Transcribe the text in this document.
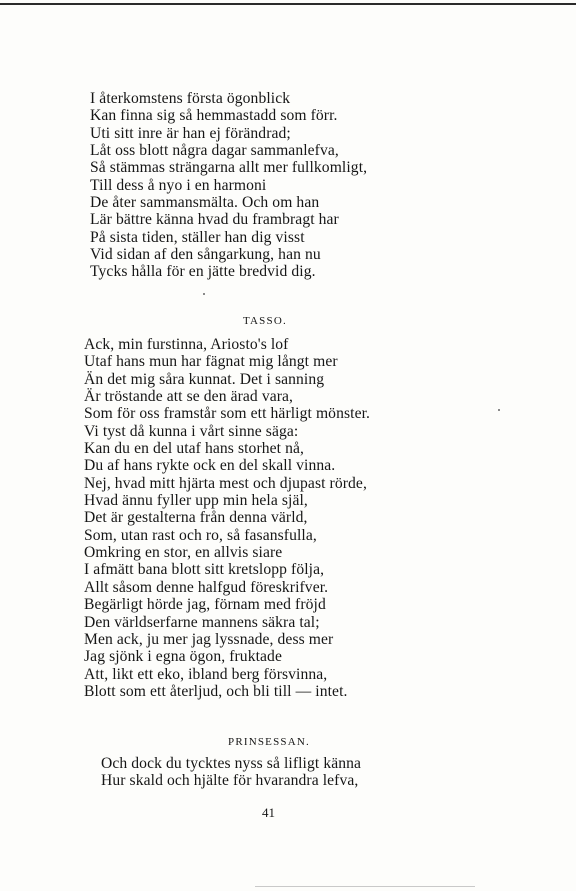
I återkomstens första ögonblick
Kan finna sig så hemmastadd som förr.
Uti sitt inre är han ej förändrad;
Låt oss blott några dagar sammanlefva,
Så stämmas strängarna allt mer fullkomligt,
Till dess å nyo i en harmoni
De åter sammansmälta. Och om han
Lär bättre känna hvad du frambragt har
På sista tiden, ställer han dig visst
Vid sidan af den sångarkung, han nu
Tycks hålla för en jätte bredvid dig.
TASSO.
Ack, min furstinna, Ariosto's lof
Utaf hans mun har fägnat mig långt mer
Än det mig såra kunnat. Det i sanning
Är tröstande att se den ärad vara,
Som för oss framstår som ett härligt mönster.
Vi tyst då kunna i vårt sinne säga:
Kan du en del utaf hans storhet nå,
Du af hans rykte ock en del skall vinna.
Nej, hvad mitt hjärta mest och djupast rörde,
Hvad ännu fyller upp min hela själ,
Det är gestalterna från denna värld,
Som, utan rast och ro, så fasansfulla,
Omkring en stor, en allvis siare
I afmätt bana blott sitt kretslopp följa,
Allt såsom denne halfgud föreskrifver.
Begärligt hörde jag, förnam med fröjd
Den världserfarne mannens säkra tal;
Men ack, ju mer jag lyssnade, dess mer
Jag sjönk i egna ögon, fruktade
Att, likt ett eko, ibland berg försvinna,
Blott som ett återljud, och bli till — intet.
PRINSESSAN.
Och dock du tycktes nyss så lifligt känna
Hur skald och hjälte för hvarandra lefva,
41
